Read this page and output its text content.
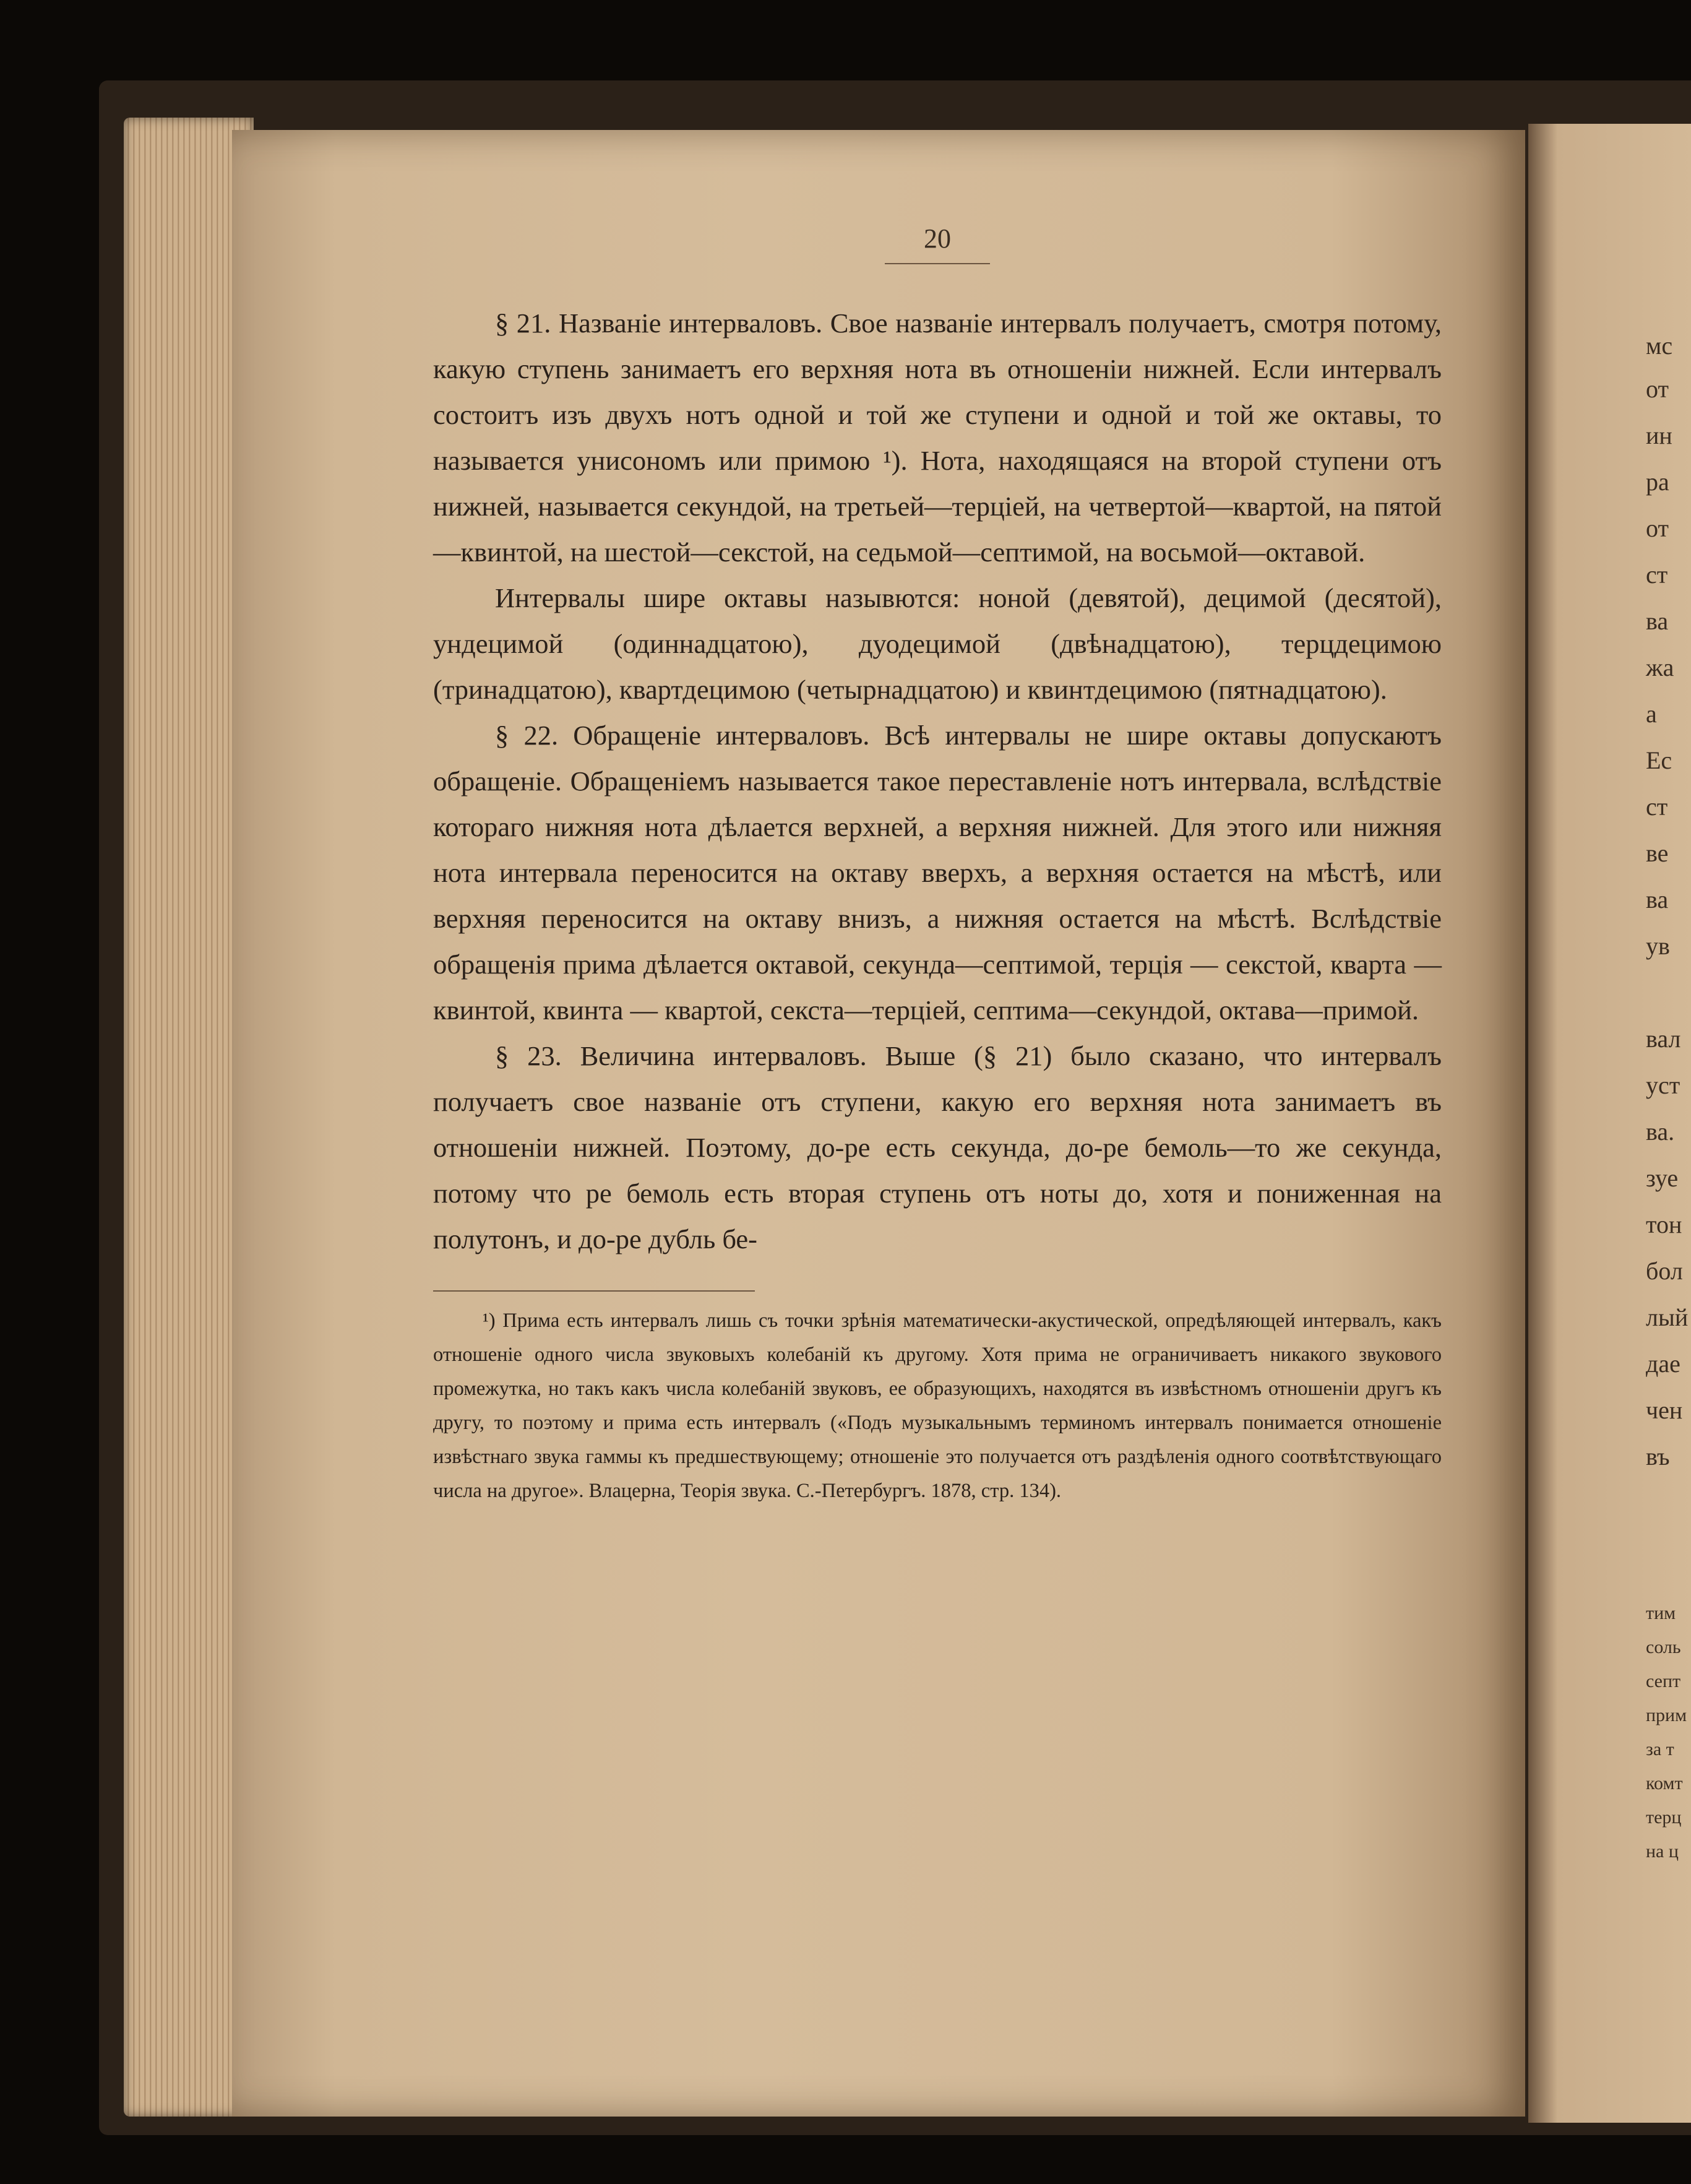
мс
от
ин
ра
от
ст
ва
жа
а
Ес
ст
ве
ва
ув
вал
уст
ва.
зуе
тон
бол
лый
дае
чен
въ
тим
соль
септ
прим
за т
комт
терц
на ц
20

§ 21. Названiе интерваловъ. Свое названiе интервалъ получаетъ, смотря потому, какую ступень занимаетъ его верхняя нота въ отношенiи нижней. Если интервалъ состоитъ изъ двухъ нотъ одной и той же ступени и одной и той же октавы, то называется унисономъ или примою ¹). Нота, находящаяся на второй ступени отъ нижней, называется секундой, на третьей—терцiей, на четвертой—квартой, на пятой—квинтой, на шестой—секстой, на седьмой—септимой, на восьмой—октавой.

Интервалы шире октавы назывются: ноной (девятой), децимой (десятой), ундецимой (одиннадцатою), дуодецимой (двѣнадцатою), терцдецимою (тринадцатою), квартдецимою (четырнадцатою) и квинтдецимою (пятнадцатою).

§ 22. Обращенiе интерваловъ. Всѣ интервалы не шире октавы допускаютъ обращенiе. Обращенiемъ называется такое перeставленiе нотъ интервала, вслѣдствiе котораго нижняя нота дѣлается верхней, а верхняя нижней. Для этого или нижняя нота интервала переносится на октаву вверхъ, а верхняя остается на мѣстѣ, или верхняя переносится на октаву внизъ, а нижняя остается на мѣстѣ. Вслѣдствiе обращенiя прима дѣлается октавой, секунда—септимой, терцiя — секстой, кварта — квинтой, квинта — квартой, секста—терцiей, септима—секундой, октава—примой.

§ 23. Величина интерваловъ. Выше (§ 21) было сказано, что интервалъ получаетъ свое названiе отъ ступени, какую его верхняя нота занимаетъ въ отношенiи нижней. Поэтому, до-ре есть секунда, до-ре бемоль—то же секунда, потому что ре бемоль есть вторая ступень отъ ноты до, хотя и пониженная на полутонъ, и до-ре дубль бе-

¹) Прима есть интервалъ лишь съ точки зрѣнiя математически-акустической, опредѣляющей интервалъ, какъ отношенiе одного числа звуковыхъ колебанiй къ другому. Хотя прима не ограничиваетъ никакого звукового промежутка, но такъ какъ числа колебанiй звуковъ, ее образующихъ, находятся въ извѣстномъ отношенiи другъ къ другу, то поэтому и прима есть интервалъ («Подъ музыкальнымъ терминомъ интервалъ понимается отношенiе извѣстнаго звука гаммы къ предшествующему; отношенiе это получается отъ раздѣленiя одного соотвѣтствующаго числа на другое». Влацерна, Теорiя звука. С.-Петербургъ. 1878, стр. 134).
